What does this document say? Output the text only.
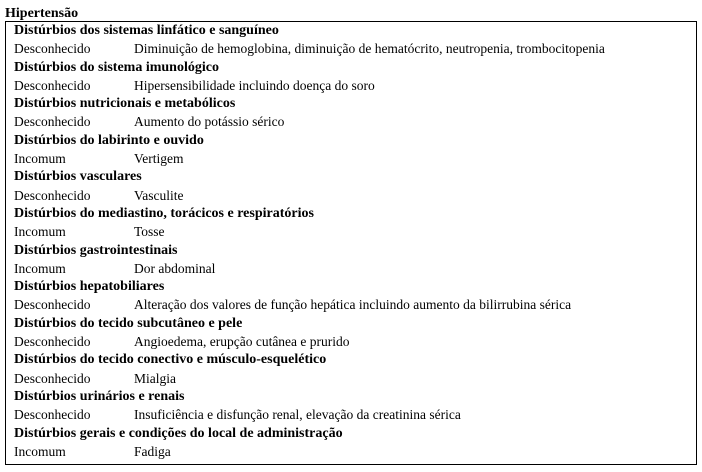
Hipertensão
Distúrbios dos sistemas linfático e sanguíneo
Desconhecido	Diminuição de hemoglobina, diminuição de hematócrito, neutropenia, trombocitopenia
Distúrbios do sistema imunológico
Desconhecido	Hipersensibilidade incluindo doença do soro
Distúrbios nutricionais e metabólicos
Desconhecido	Aumento do potássio sérico
Distúrbios do labirinto e ouvido
Incomum	Vertigem
Distúrbios vasculares
Desconhecido	Vasculite
Distúrbios do mediastino, torácicos e respiratórios
Incomum	Tosse
Distúrbios gastrointestinais
Incomum	Dor abdominal
Distúrbios hepatobiliares
Desconhecido	Alteração dos valores de função hepática incluindo aumento da bilirrubina sérica
Distúrbios do tecido subcutâneo e pele
Desconhecido	Angioedema, erupção cutânea e prurido
Distúrbios do tecido conectivo e músculo-esquelético
Desconhecido	Mialgia
Distúrbios urinários e renais
Desconhecido	Insuficiência e disfunção renal, elevação da creatinina sérica
Distúrbios gerais e condições do local de administração
Incomum	Fadiga
